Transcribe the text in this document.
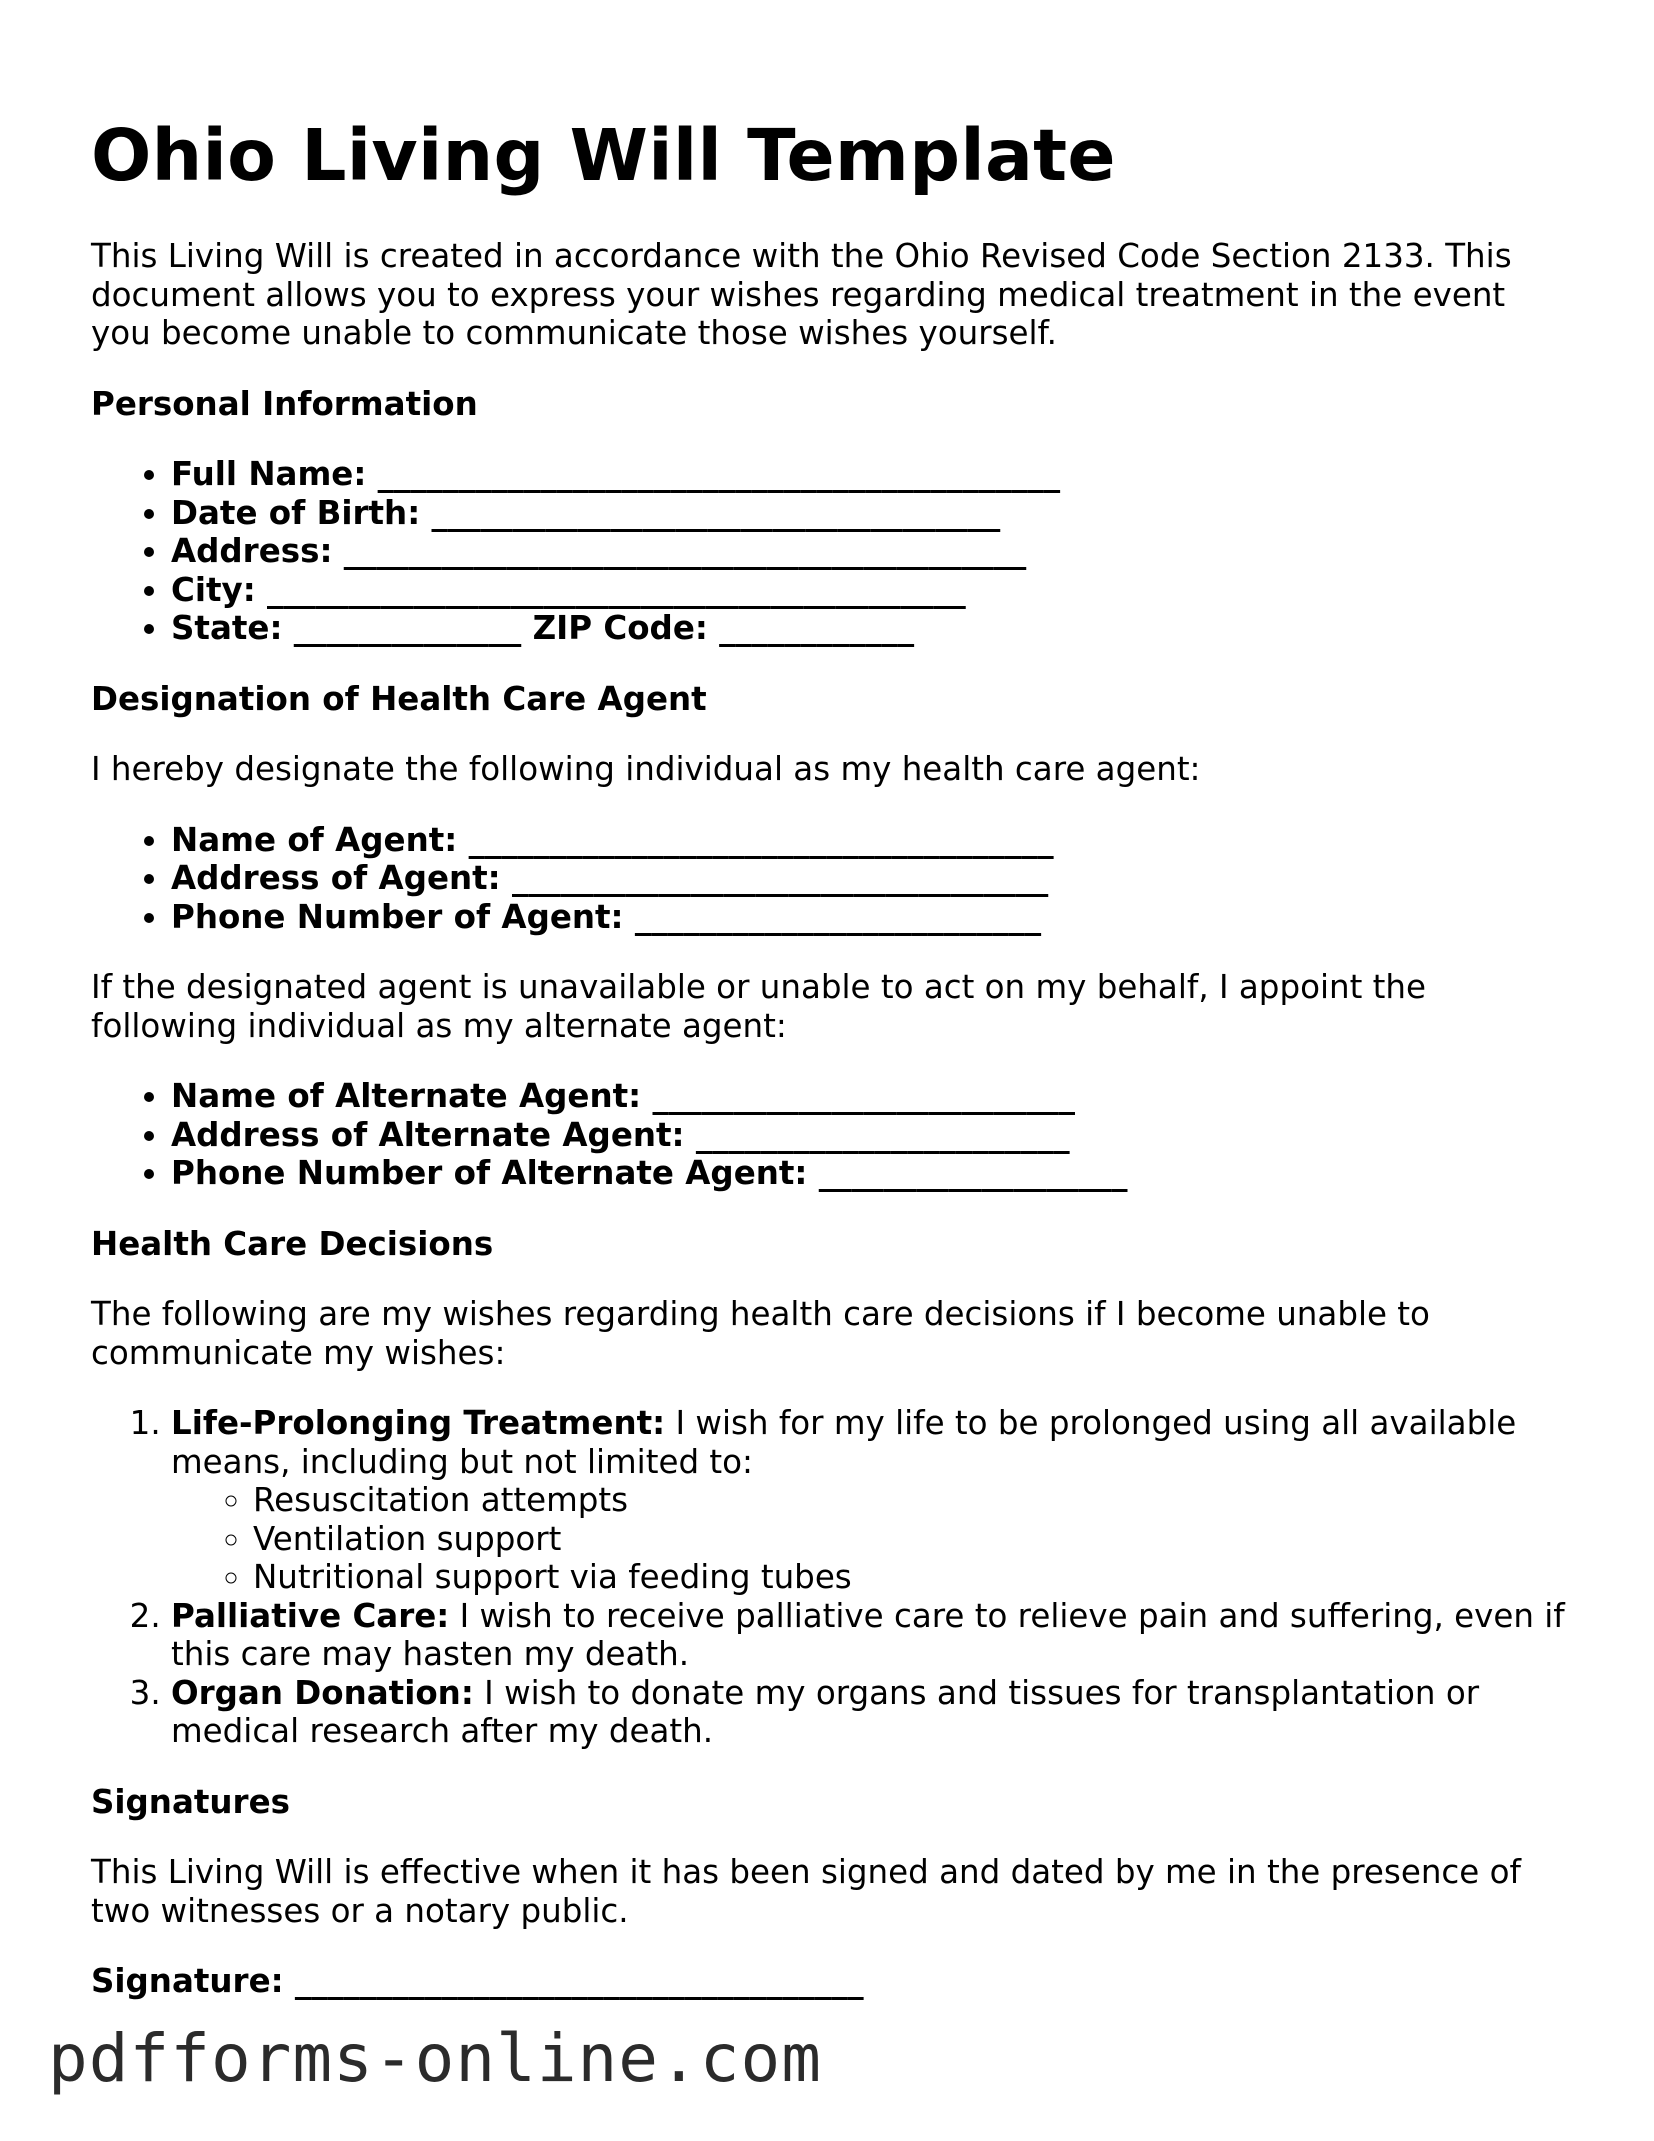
Ohio Living Will Template

This Living Will is created in accordance with the Ohio Revised Code Section 2133. This document allows you to express your wishes regarding medical treatment in the event you become unable to communicate those wishes yourself.

Personal Information
• Full Name: __________________________________________
• Date of Birth: ___________________________________
• Address: __________________________________________
• City: ___________________________________________
• State: ______________ ZIP Code: ____________
Designation of Health Care Agent

I hereby designate the following individual as my health care agent:

• Name of Agent: ____________________________________
• Address of Agent: _________________________________
• Phone Number of Agent: _________________________

If the designated agent is unavailable or unable to act on my behalf, I appoint the following individual as my alternate agent:

• Name of Alternate Agent: __________________________
• Address of Alternate Agent: _______________________
• Phone Number of Alternate Agent: ___________________
Health Care Decisions

The following are my wishes regarding health care decisions if I become unable to communicate my wishes:

1. Life-Prolonging Treatment: I wish for my life to be prolonged using all available means, including but not limited to:
◦ Resuscitation attempts
◦ Ventilation support
◦ Nutritional support via feeding tubes
2. Palliative Care: I wish to receive palliative care to relieve pain and suffering, even if this care may hasten my death.
3. Organ Donation: I wish to donate my organs and tissues for transplantation or medical research after my death.
Signatures

This Living Will is effective when it has been signed and dated by me in the presence of two witnesses or a notary public.

Signature: ___________________________________

pdfforms-online.com
